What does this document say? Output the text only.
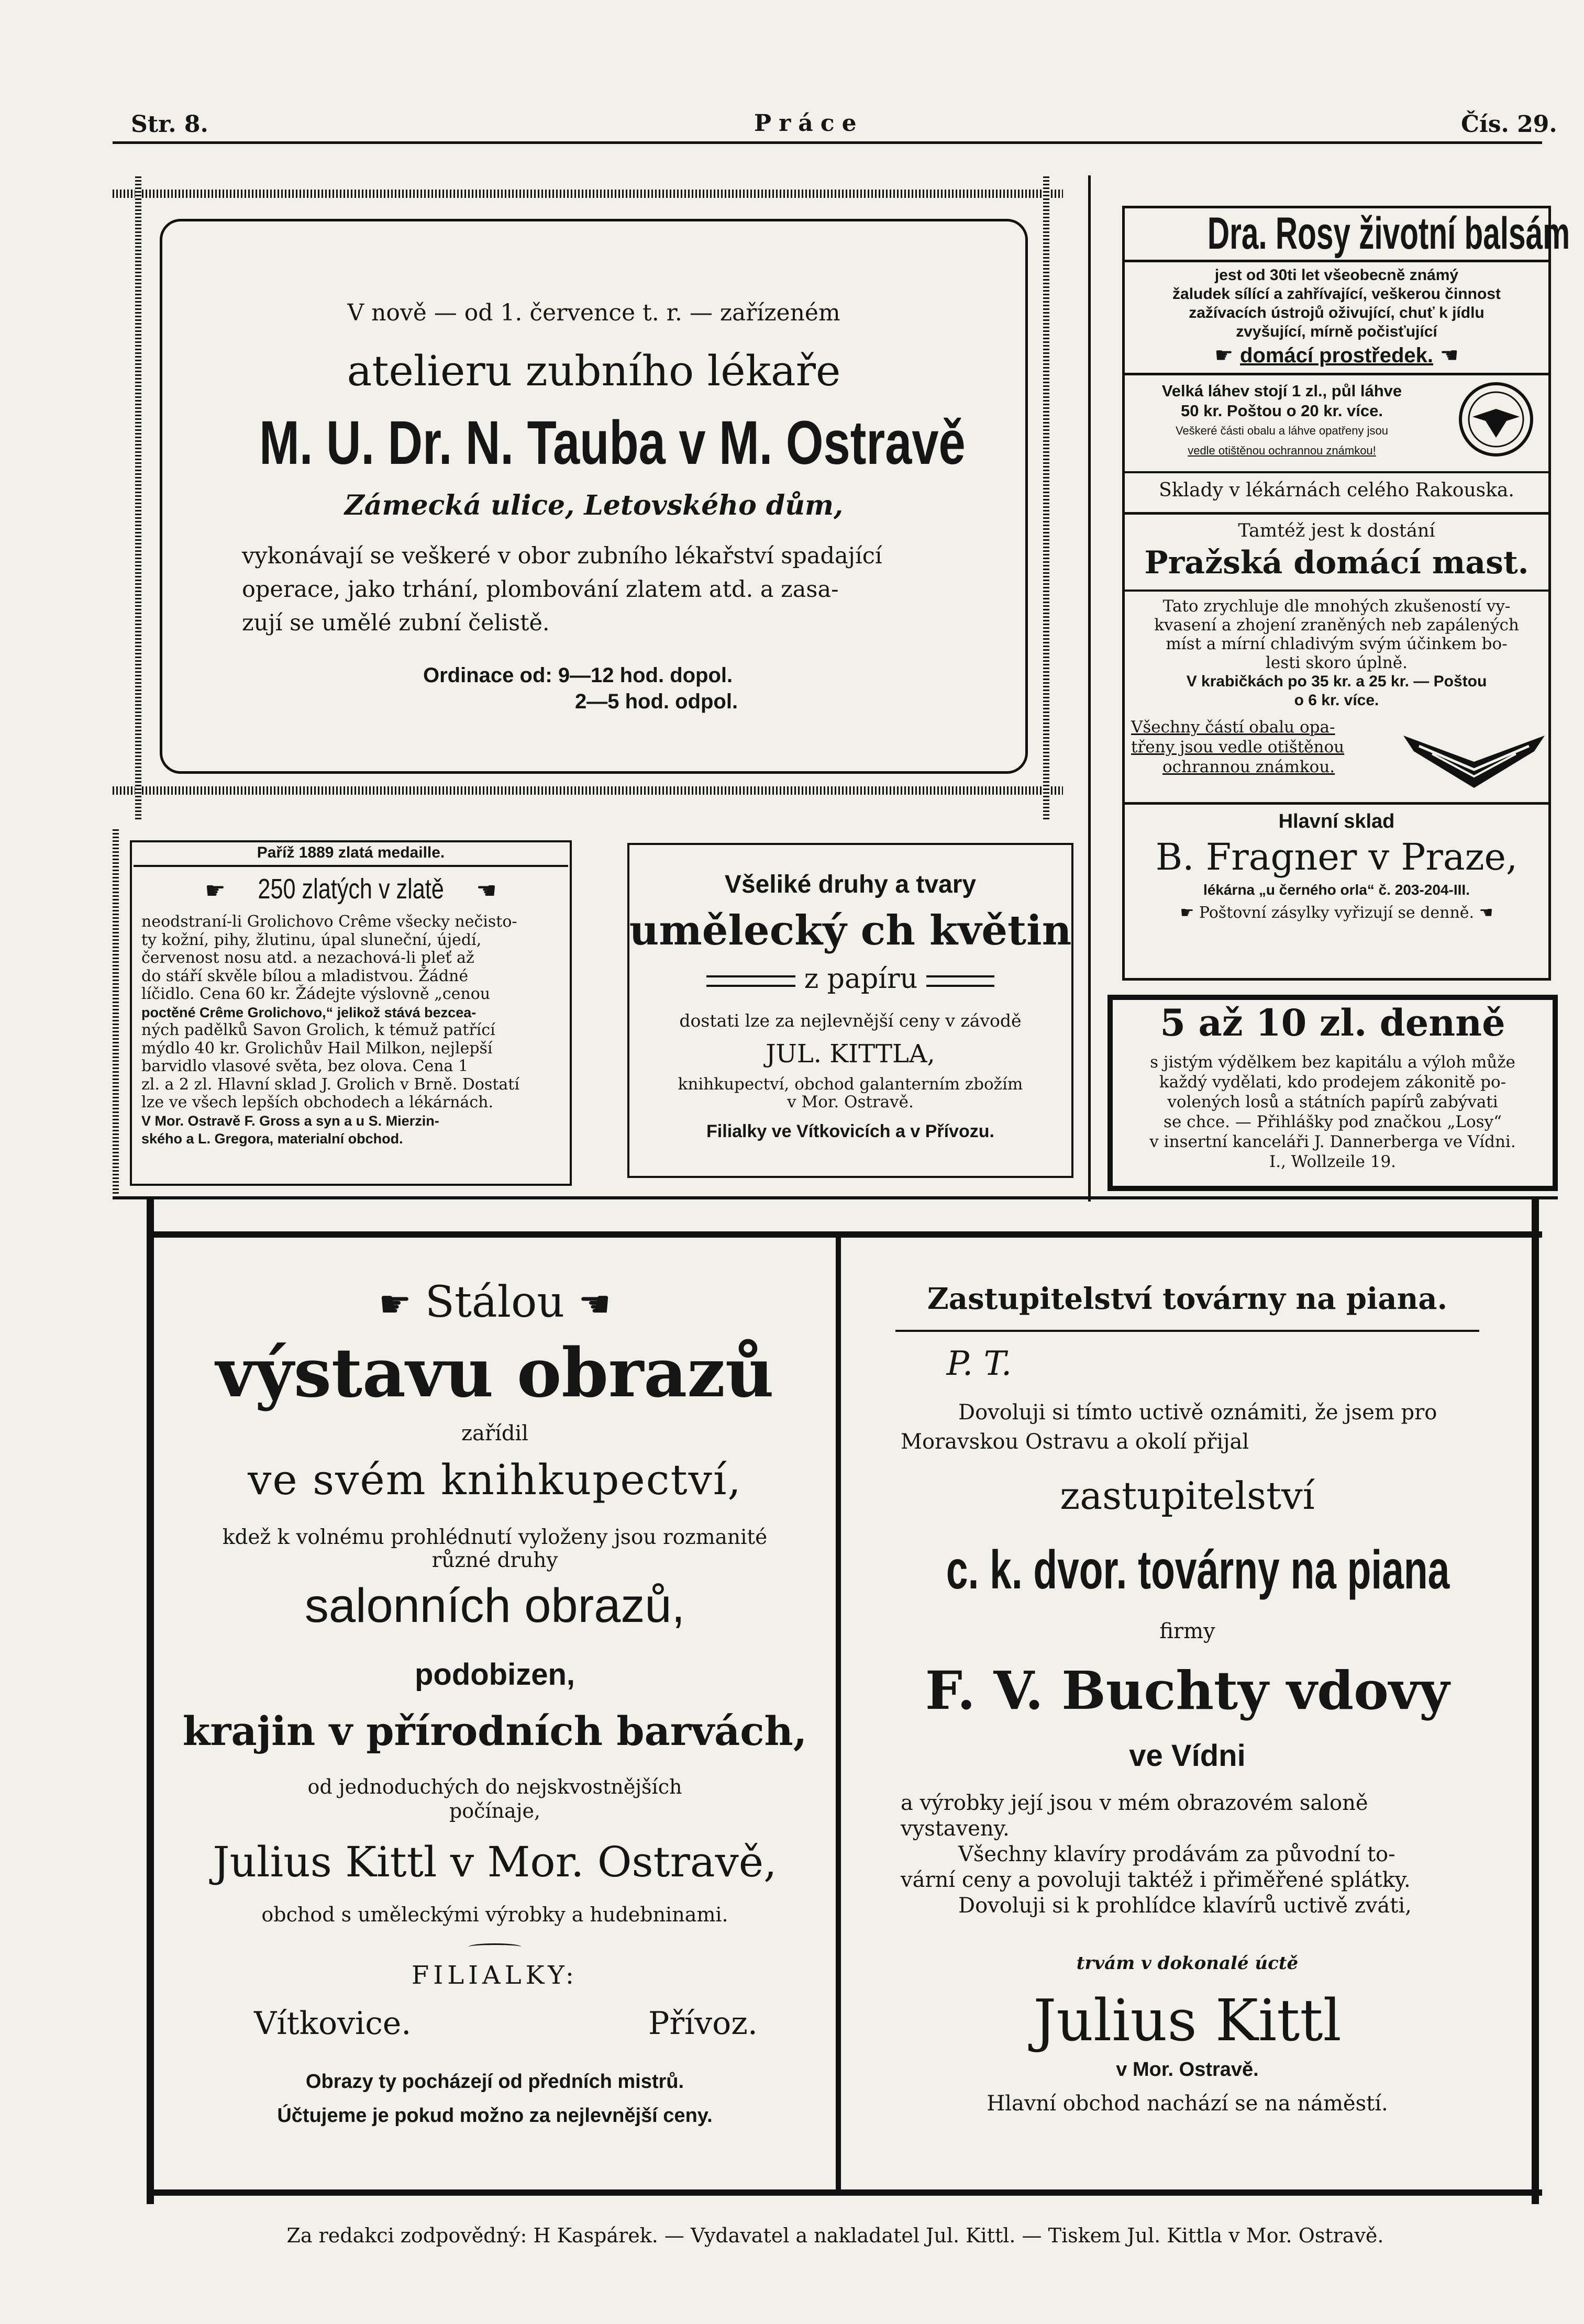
Str. 8.	Práce	Čís. 29.
V nově — od 1. července t. r. — zařízeném
atelieru zubního lékaře
M. U. Dr. N. Tauba v M. Ostravě
Zámecká ulice, Letovského dům,
vykonávají se veškeré v obor zubního lékařství spadající
operace, jako trhání, plombování zlatem atd. a zasa-
zují se umělé zubní čelistě.
Ordinace od: 9—12 hod. dopol.
2—5 hod. odpol.
Dra. Rosy životní balsám
jest od 30ti let všeobecně známý
žaludek sílící a zahřívající, veškerou činnost
zažívacích ústrojů oživující, chuť k jídlu
zvyšující, mírně počisťující
☛ domácí prostředek. ☚
Velká láhev stojí 1 zl., půl láhve
50 kr. Poštou o 20 kr. více.
Veškeré části obalu a láhve opatřeny jsou
vedle otištěnou ochrannou známkou!
Sklady v lékárnách celého Rakouska.
Tamtéž jest k dostání
Pražská domácí mast.
Tato zrychluje dle mnohých zkušeností vy-
kvasení a zhojení zraněných neb zapálených
míst a mírní chladivým svým účinkem bo-
lesti skoro úplně.
V krabičkách po 35 kr. a 25 kr. — Poštou
o 6 kr. více.
Všechny částí obalu opa-
třeny jsou vedle otištěnou
ochrannou známkou.
Hlavní sklad
B. Fragner v Praze,
lékárna „u černého orla“ č. 203-204-III.
☛ Poštovní zásylky vyřizují se denně. ☚
Paříž 1889 zlatá medaille.
☛ 250 zlatých v zlatě ☚
neodstraní-li Grolichovo Crême všecky nečisto-
ty kožní, pihy, žlutinu, úpal sluneční, újedí,
červenost nosu atd. a nezachová-li pleť až
do stáří skvěle bílou a mladistvou. Žádné
líčidlo. Cena 60 kr. Žádejte výslovně „cenou
poctěné Crême Grolichovo,“ jelikož stává bezcea-
ných padělků Savon Grolich, k témuž patřící
mýdlo 40 kr. Grolichův Hail Milkon, nejlepší
barvidlo vlasové světa, bez olova. Cena 1
zl. a 2 zl. Hlavní sklad J. Grolich v Brně. Dostatí
lze ve všech lepších obchodech a lékárnách.
V Mor. Ostravě F. Gross a syn a u S. Mierzin-
ského a L. Gregora, materialní obchod.
Všeliké druhy a tvary
umělecký ch květin
z papíru
dostati lze za nejlevnější ceny v závodě
JUL. KITTLA,
knihkupectví, obchod galanterním zbožím
v Mor. Ostravě.
Filialky ve Vítkovicích a v Přívozu.
5 až 10 zl. denně
s jistým výdělkem bez kapitálu a výloh může
každý vydělati, kdo prodejem zákonitě po-
volených losů a státních papírů zabývati
se chce. — Přihlášky pod značkou „Losy“
v insertní kanceláři J. Dannerberga ve Vídni.
I., Wollzeile 19.
☛ Stálou ☚
výstavu obrazů
zařídil
ve svém knihkupectví,
kdež k volnému prohlédnutí vyloženy jsou rozmanité
různé druhy
salonních obrazů,
podobizen,
krajin v přírodních barvách,
od jednoduchých do nejskvostnějších
počínaje,
Julius Kittl v Mor. Ostravě,
obchod s uměleckými výrobky a hudebninami.
FILIALKY:
Vítkovice.	Přívoz.
Obrazy ty pocházejí od předních mistrů.
Účtujeme je pokud možno za nejlevnější ceny.
Zastupitelství továrny na piana.
P. T.
Dovoluji si tímto uctivě oznámiti, že jsem pro
Moravskou Ostravu a okolí přijal
zastupitelství
c. k. dvor. továrny na piana
firmy
F. V. Buchty vdovy
ve Vídni
a výrobky její jsou v mém obrazovém saloně
vystaveny.
Všechny klavíry prodávám za původní to-
vární ceny a povoluji taktéž i přiměřené splátky.
Dovoluji si k prohlídce klavírů uctivě zváti,
trvám v dokonalé úctě
Julius Kittl
v Mor. Ostravě.
Hlavní obchod nachází se na náměstí.
Za redakci zodpovědný: H Kaspárek. — Vydavatel a nakladatel Jul. Kittl. — Tiskem Jul. Kittla v Mor. Ostravě.
